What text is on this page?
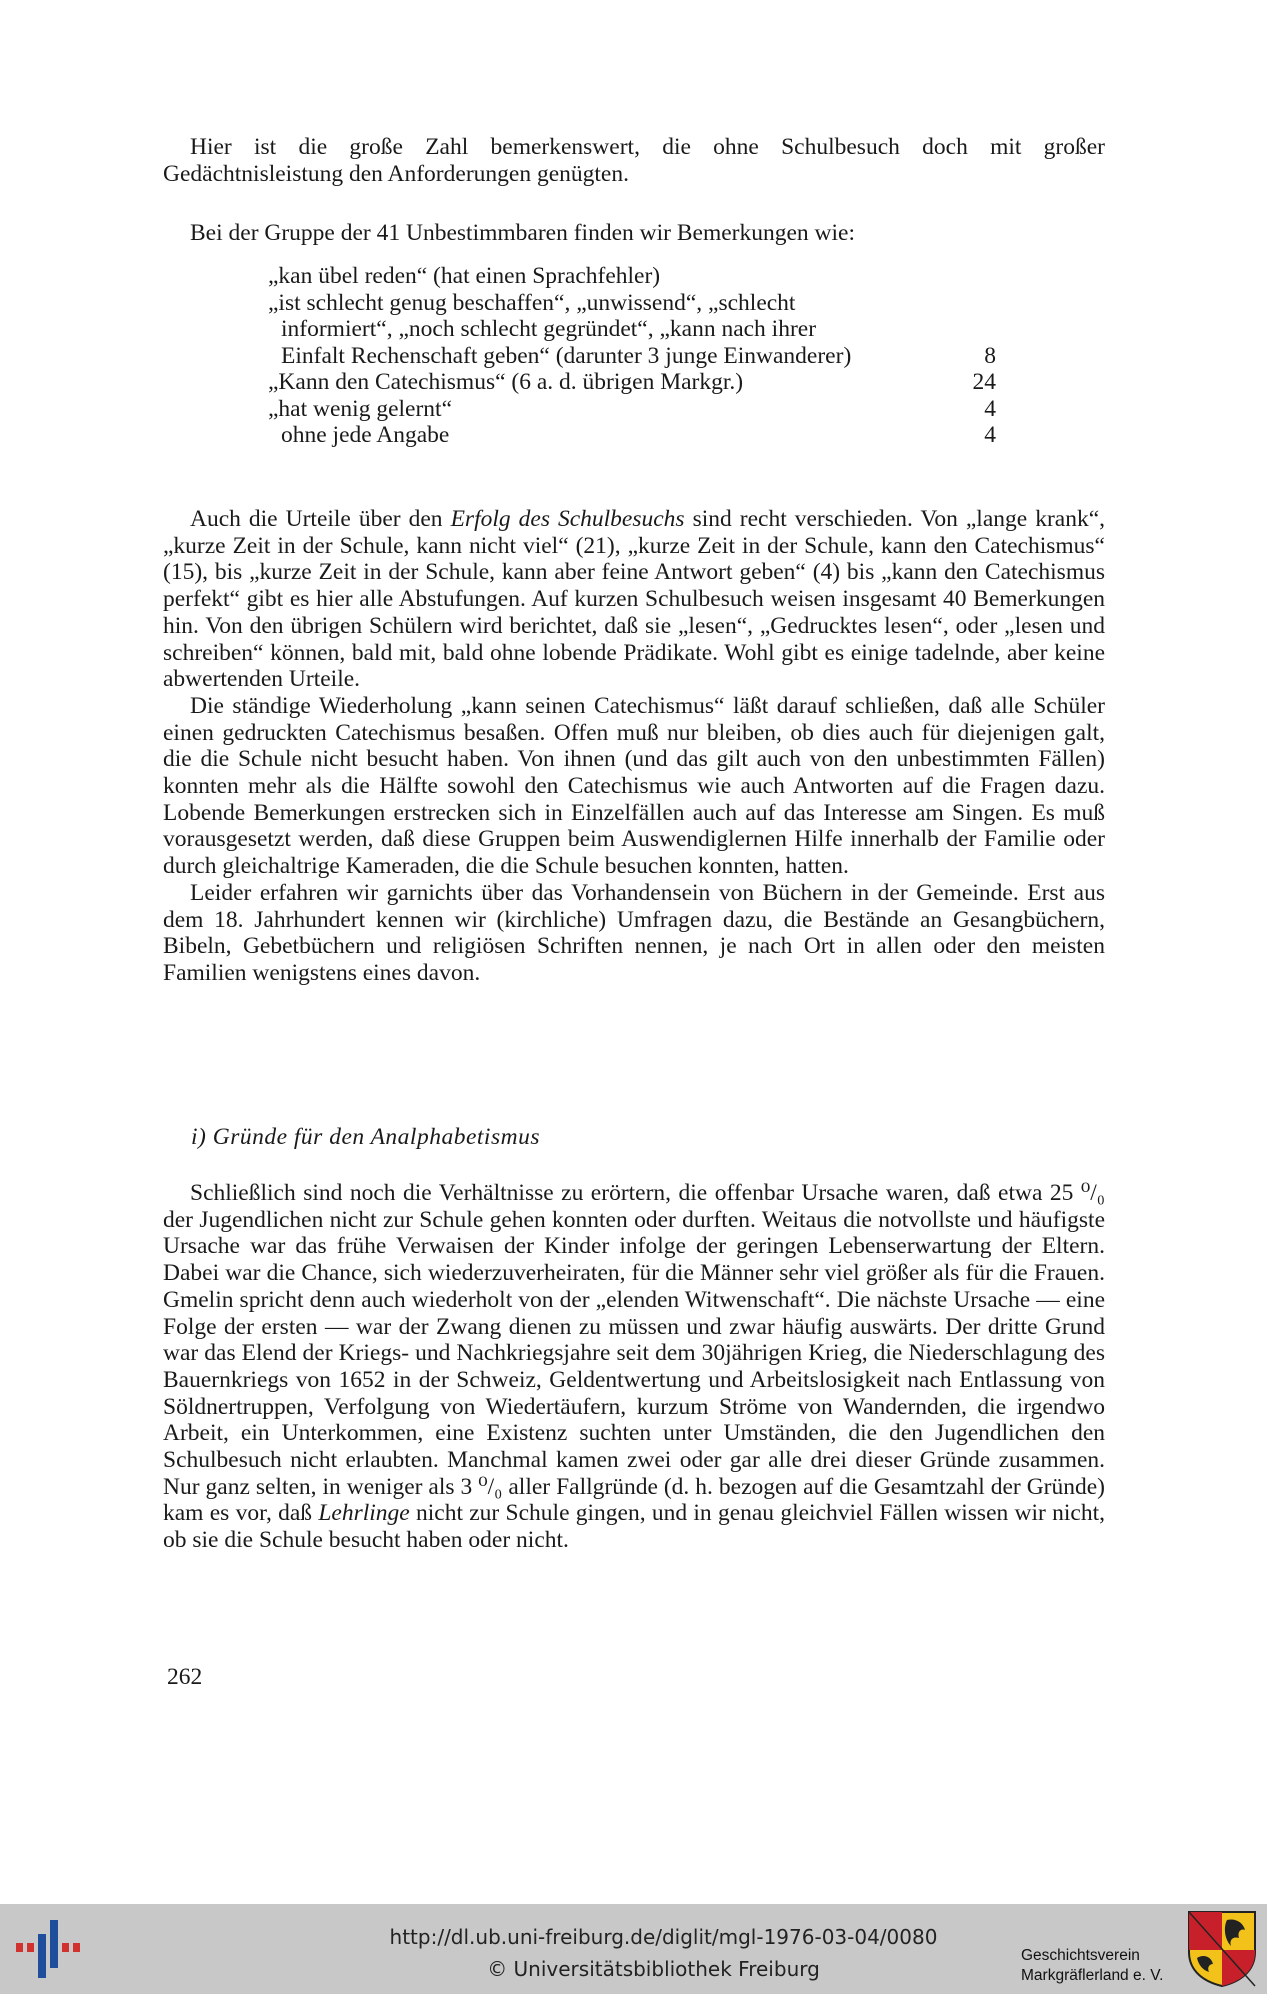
Hier ist die große Zahl bemerkenswert, die ohne Schulbesuch doch mit großer Gedächtnisleistung den Anforderungen genügten.

Bei der Gruppe der 41 Unbestimmbaren finden wir Bemerkungen wie:

„kan übel reden“ (hat einen Sprachfehler)
„ist schlecht genug beschaffen“, „unwissend“, „schlecht
informiert“, „noch schlecht gegründet“, „kann nach ihrer
Einfalt Rechenschaft geben“ (darunter 3 junge Einwanderer)	8
„Kann den Catechismus“ (6 a. d. übrigen Markgr.)	24
„hat wenig gelernt“	4
ohne jede Angabe	4

Auch die Urteile über den Erfolg des Schulbesuchs sind recht verschieden. Von „lange krank“, „kurze Zeit in der Schule, kann nicht viel“ (21), „kurze Zeit in der Schule, kann den Catechismus“ (15), bis „kurze Zeit in der Schule, kann aber feine Antwort geben“ (4) bis „kann den Catechismus perfekt“ gibt es hier alle Abstufungen. Auf kurzen Schulbesuch weisen insgesamt 40 Bemerkungen hin. Von den übrigen Schülern wird berichtet, daß sie „lesen“, „Gedrucktes lesen“, oder „lesen und schreiben“ können, bald mit, bald ohne lobende Prädikate. Wohl gibt es einige tadelnde, aber keine abwertenden Urteile.

Die ständige Wiederholung „kann seinen Catechismus“ läßt darauf schließen, daß alle Schüler einen gedruckten Catechismus besaßen. Offen muß nur bleiben, ob dies auch für diejenigen galt, die die Schule nicht besucht haben. Von ihnen (und das gilt auch von den unbestimmten Fällen) konnten mehr als die Hälfte sowohl den Catechismus wie auch Antworten auf die Fragen dazu. Lobende Bemerkungen erstrecken sich in Einzelfällen auch auf das Interesse am Singen. Es muß vorausgesetzt werden, daß diese Gruppen beim Auswendiglernen Hilfe innerhalb der Familie oder durch gleichaltrige Kameraden, die die Schule besuchen konnten, hatten.

Leider erfahren wir garnichts über das Vorhandensein von Büchern in der Gemeinde. Erst aus dem 18. Jahrhundert kennen wir (kirchliche) Umfragen dazu, die Bestände an Gesangbüchern, Bibeln, Gebetbüchern und religiösen Schriften nennen, je nach Ort in allen oder den meisten Familien wenigstens eines davon.

i) Gründe für den Analphabetismus

Schließlich sind noch die Verhältnisse zu erörtern, die offenbar Ursache waren, daß etwa 25 ⁰/₀ der Jugendlichen nicht zur Schule gehen konnten oder durften. Weitaus die notvollste und häufigste Ursache war das frühe Verwaisen der Kinder infolge der geringen Lebenserwartung der Eltern. Dabei war die Chance, sich wiederzuverheiraten, für die Männer sehr viel größer als für die Frauen. Gmelin spricht denn auch wiederholt von der „elenden Witwenschaft“. Die nächste Ursache — eine Folge der ersten — war der Zwang dienen zu müssen und zwar häufig auswärts. Der dritte Grund war das Elend der Kriegs- und Nachkriegsjahre seit dem 30jährigen Krieg, die Niederschlagung des Bauernkriegs von 1652 in der Schweiz, Geldentwertung und Arbeitslosigkeit nach Entlassung von Söldnertruppen, Verfolgung von Wiedertäufern, kurzum Ströme von Wandernden, die irgendwo Arbeit, ein Unterkommen, eine Existenz suchten unter Umständen, die den Jugendlichen den Schulbesuch nicht erlaubten. Manchmal kamen zwei oder gar alle drei dieser Gründe zusammen. Nur ganz selten, in weniger als 3 ⁰/₀ aller Fallgründe (d. h. bezogen auf die Gesamtzahl der Gründe) kam es vor, daß Lehrlinge nicht zur Schule gingen, und in genau gleichviel Fällen wissen wir nicht, ob sie die Schule besucht haben oder nicht.

262
http://dl.ub.uni-freiburg.de/diglit/mgl-1976-03-04/0080
© Universitätsbibliothek Freiburg
Geschichtsverein
Markgräflerland e. V.
